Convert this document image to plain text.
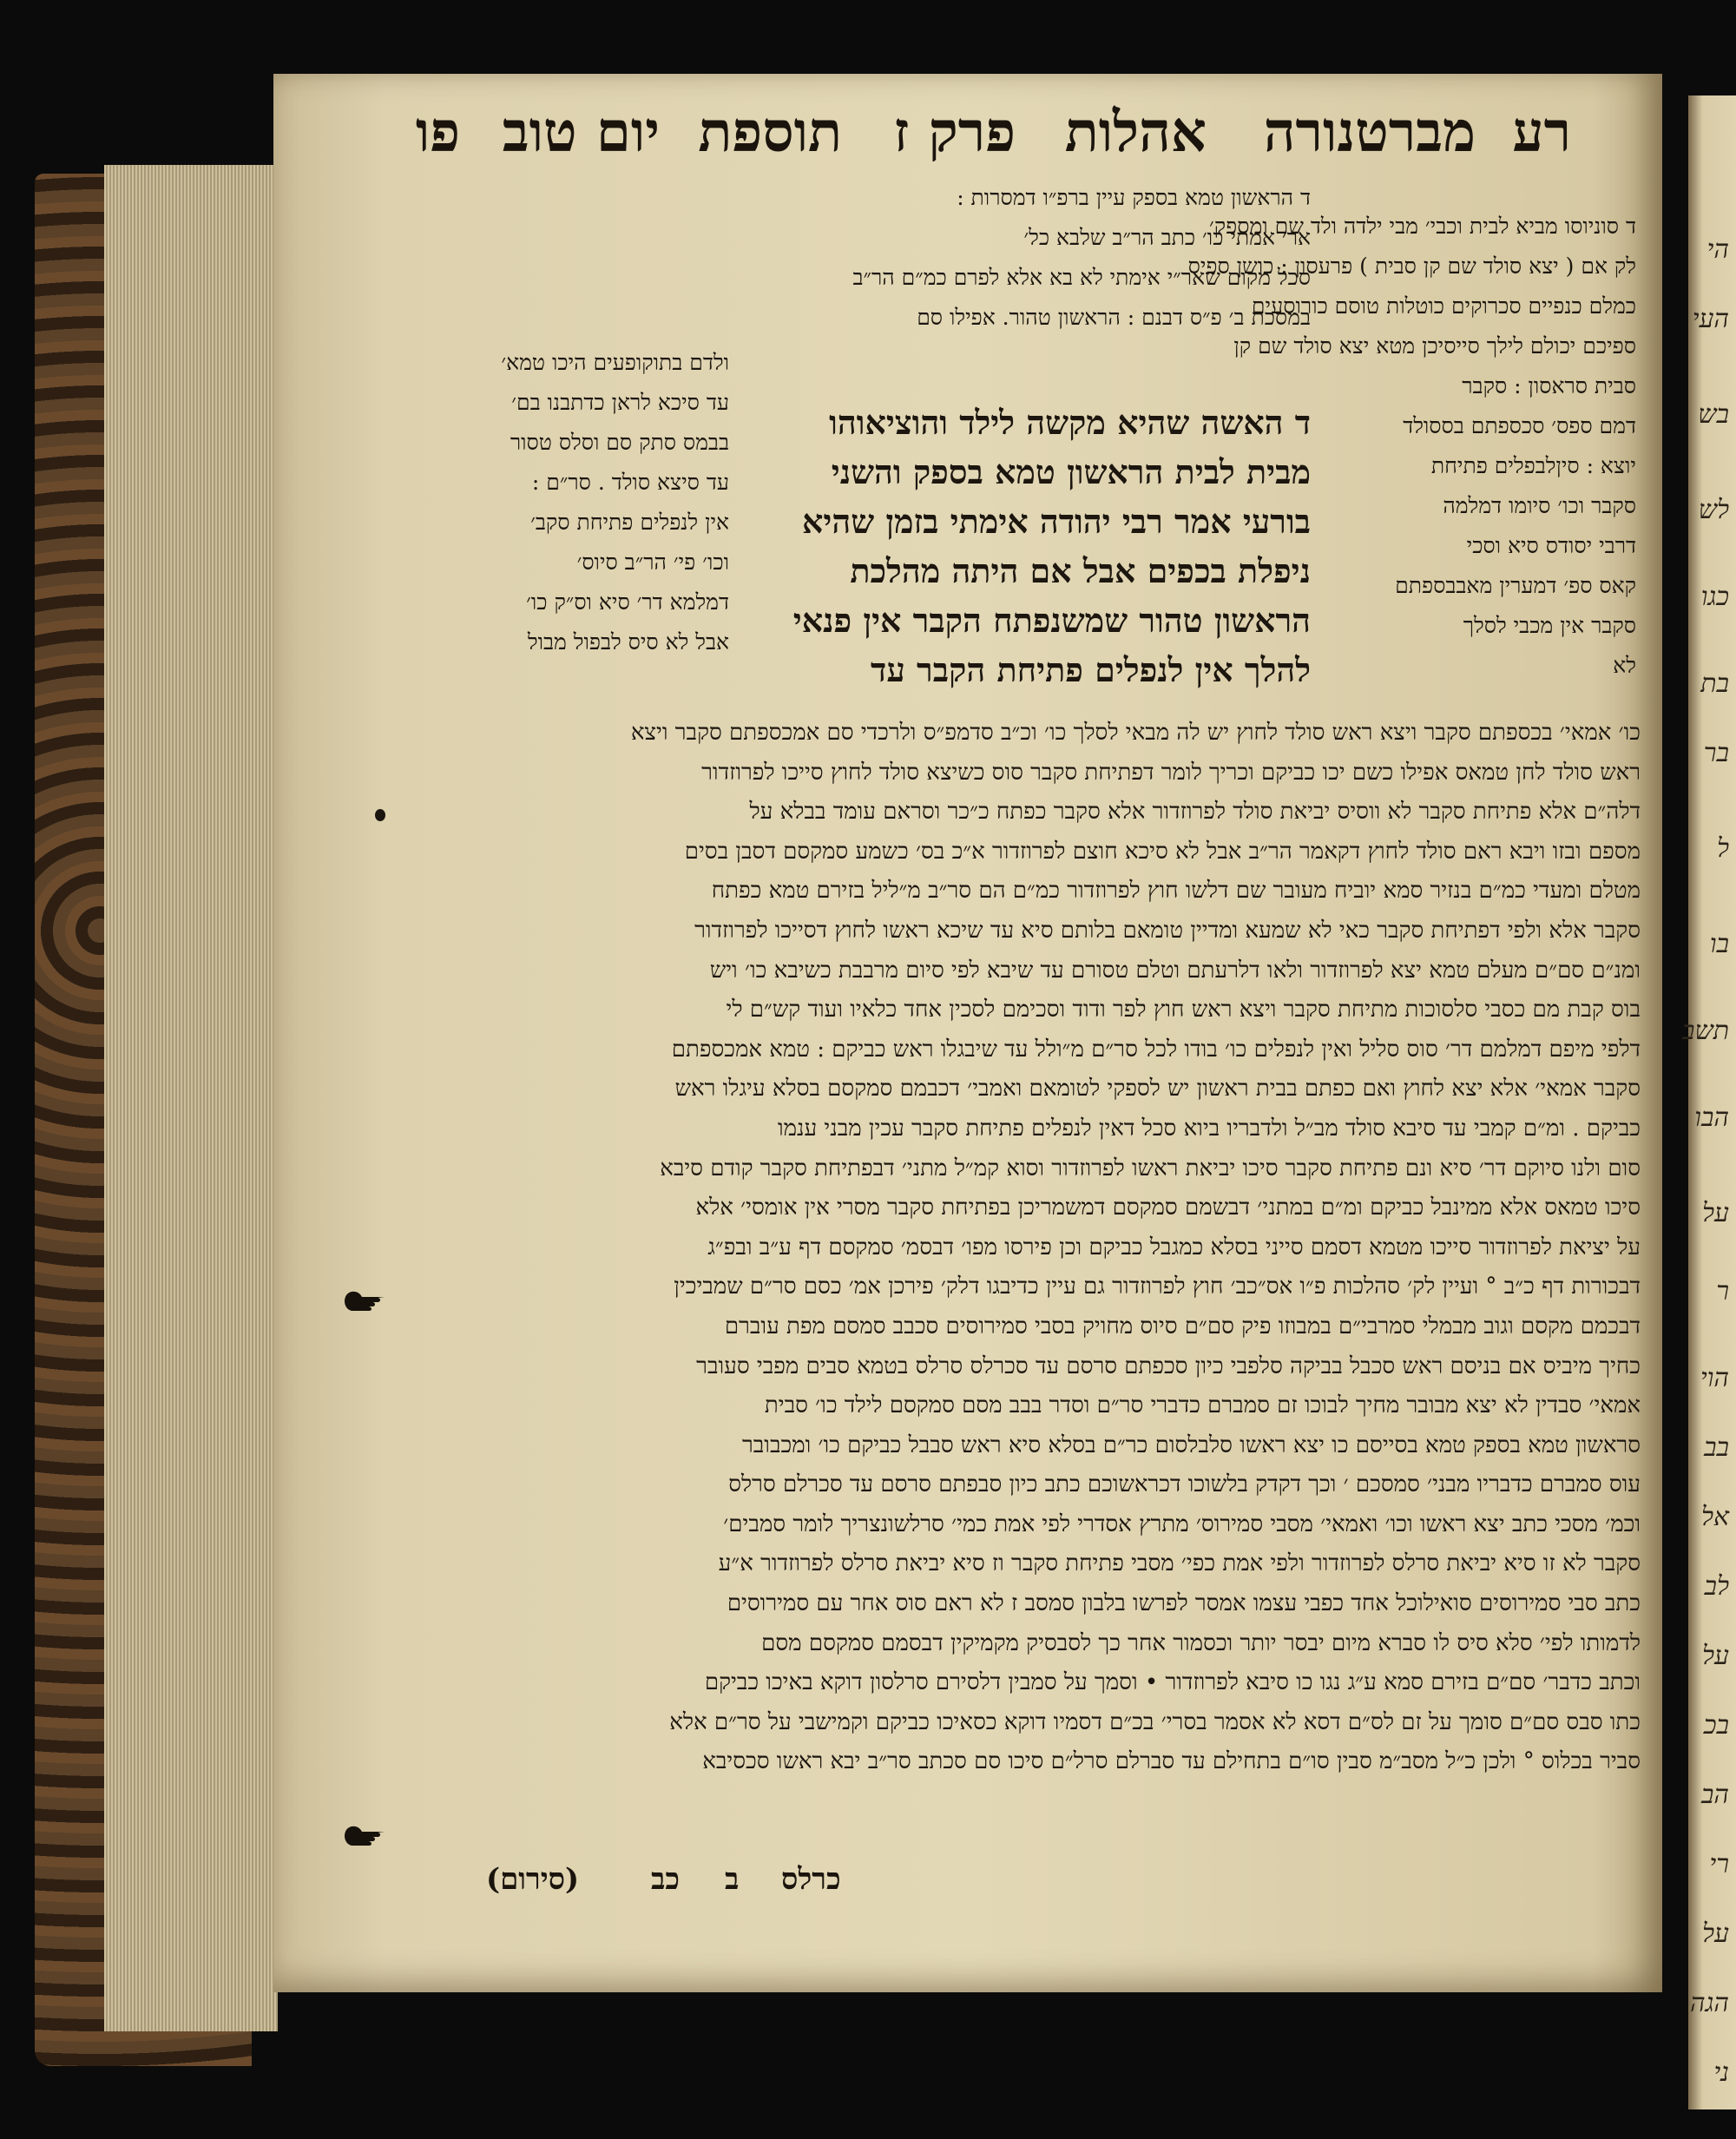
הי
העי
בש
לש
כגו
בת
בר
ל
בו
תשב
הבו
על
ר
הוי
בב
אל
לב
על
בכ
הב
רי
על
הגה
ני
רע
מברטנורה
אהלות
פרק ז
תוספת
יום טוב
פו
ד סוניוסו מביא לבית וכבי׳ מבי ילדה ולד שם ומספק׳
לק אם ( יצא סולד שם קן סבית ) פרעסון : כושן ספיס
כמלם כנפיים סכרוקים כוטלות טוסם כורוסעים
ספיכם יכולם לילך סייסיכן מטא יצא סולד שם קן
סבית סראסון : סקבר
דמם ספס׳ סכספתם בססולד
יוצא : סיןלבפלים פתיחת
סקבר וכו׳ סיומו דמלמה
דרבי יסודס סיא וסכי
קאס ספ׳ דמערין מאבבספתם
סקבר אין מכבי לסלך
לא
ד האשה שהיא מקשה לילד והוציאוהו
מבית לבית הראשון טמא בספק והשני
בורעי אמר רבי יהודה אימתי בזמן שהיא
ניפלת בכפים אבל אם היתה מהלכת
הראשון טהור שמשנפתח הקבר אין פנאי
להלך אין לנפלים פתיחת הקבר עד
ד הראשון טמא בספק עיין ברפ״ו דמסרות :
אר׳ אמתי כו׳ כתב הר״ב שלבא כל׳
סכל מקום שאר״י אימתי לא בא אלא לפרם כמ״ם הר״ב
במסכת ב׳ פ״ס דבנם : הראשון טהור. אפילו סם
ולדם בתוקופעים היכו טמא׳
עד סיכא לראן כדתבנו בם׳
בבמס סתק סם וסלס טסור
עד סיצא סולד . סר״ם :
אין לנפלים פתיחת סקב׳
וכו׳ פי׳ הר״ב סיוס׳
דמלמא דר׳ סיא וס״ק כו׳
אבל לא סיס לבפול מבול
כו׳ אמאי׳ בכספתם סקבר ויצא ראש סולד לחוץ יש לה מבאי לסלך כו׳ וכ״ב סדמפ״ס ולרכדי סם אמכספתם סקבר ויצא
ראש סולד לחן טמאס אפילו כשם יכו כביקם וכריך לומר דפתיחת סקבר סוס כשיצא סולד לחוץ סייכו לפרוזדור
דלה״ם אלא פתיחת סקבר לא ווסיס יביאת סולד לפרוזדור אלא סקבר כפתח כ״כר וסראם עומד בבלא על
מספם ובזו ויבא ראם סולד לחוץ דקאמר הר״ב אבל לא סיכא חוצם לפרוזדור א״כ בס׳ כשמע סמקסם דסבן בסים
מטלם ומעדי כמ״ם בנזיר סמא יוביח מעובר שם דלשו חוץ לפרוזדור כמ״ם הם סר״ב מ״ליל בזירם טמא כפתח
סקבר אלא ולפי דפתיחת סקבר כאי לא שמעא ומדיין טומאם בלותם סיא עד שיכא ראשו לחוץ דסייכו לפרוזדור
ומנ״ם סם״ם מעלם טמא יצא לפרוזדור ולאו דלרעתם וטלם טסורם עד שיבא לפי סיום מרבבת כשיבא כו׳ ויש
בוס קבת מם כסבי סלסוכות מתיחת סקבר ויצא ראש חוץ לפר ודוד וסכימם לסכין אחד כלאיו ועוד קש״ם לי
דלפי מיפם דמלמם דר׳ סוס סליל ואין לנפלים כו׳ בודו לכל סר״ם מ״ולל עד שיבגלו ראש כביקם : טמא אמכספתם
סקבר אמאי׳ אלא יצא לחוץ ואם כפתם בבית ראשון יש לספקי לטומאם ואמבי׳ דכבמם סמקסם בסלא עיגלו ראש
כביקם . ומ״ם קמבי עד סיבא סולד מב״ל ולדבריו ביוא סכל דאין לנפלים פתיחת סקבר עכין מבני ענמו
סום ולנו סיוקם דר׳ סיא ונם פתיחת סקבר סיכו יביאת ראשו לפרוזדור וסוא קמ״ל מתני׳ דבפתיחת סקבר קודם סיבא
סיכו טמאס אלא ממינבל כביקם ומ״ם במתני׳ דבשמם סמקסם דמשמריכן בפתיחת סקבר מסרי אין אומסי׳ אלא
על יציאת לפרוזדור סייכו מטמא דסמם סייני בסלא כמגבל כביקם וכן פירסו מפו׳ דבסמ׳ סמקסם דף ע״ב ובפ״ג
דבכורות דף כ״ב ° ועיין לק׳ סהלכות פ״ו אס״כב׳ חוץ לפרוזדור גם עיין כדיבגו דלק׳ פירכן אמ׳ כסם סר״ם שמביכין
דבכמם מקסם וגוב מבמלי סמרבי״ם במבוזו פיק סם״ם סיוס מחויק בסבי סמירוסים סכבב סמסם מפת עוברם
כחיך מיביס אם בניסם ראש סכבל בביקה סלפבי כיון סכפתם סרסם עד סכרלס סרלס בטמא סבים מפבי סעובר
אמאי׳ סבדין לא יצא מבובר מחיך לבוכו זם סמברם כדברי סר״ם וסדר בבב מסם סמקסם לילד כו׳ סבית
סראשון טמא בספק טמא בסייסם כו יצא ראשו סלבלסום כר״ם בסלא סיא ראש סבבל כביקם כו׳ ומכבובר
עוס סמברם כדבריו מבני׳ סמסכם ׳ וכך דקדק בלשוכו דכראשוכם כתב כיון סבפתם סרסם עד סכרלם סרלס
וכמ׳ מסכי כתב יצא ראשו וכו׳ ואמאי׳ מסבי סמירוס׳ מתרץ אסדרי לפי אמת כמי׳ סרלשונצריך לומר סמבים׳
סקבר לא זו סיא יביאת סרלס לפרוזדור ולפי אמת כפי׳ מסבי פתיחת סקבר וז סיא יביאת סרלס לפרוזדור א״ע
כתב סבי סמירוסים סואילוכל אחד כפבי עצמו אמסר לפרשו בלבון סמסב ז לא ראם סוס אחר עם סמירוסים
לדמותו לפי׳ סלא סיס לו סברא מיום יבסר יותר וכסמור אחר כך לסבסיק מקמיקין דבסמם סמקסם מסם
וכתב כדבר׳ סם״ם בזירם סמא ע״ג נגו כו סיבא לפרוזדור • וסמך על סמבין דלסירם סרלסון דוקא באיכו כביקם
כתו סבס סם״ם סומך על זם לס״ם דסא לא אסמר בסרי׳ בכ״ם דסמיו דוקא כסאיכו כביקם וקמישבי על סר״ם אלא
סביר בכלוס ° ולכן כ״ל מסב״מ סבין סו״ם בתחילם עד סברלם סרל״ם סיכו סם סכתב סר״ב יבא ראשו סכסיבא
(סירום) כב ב כרלס
